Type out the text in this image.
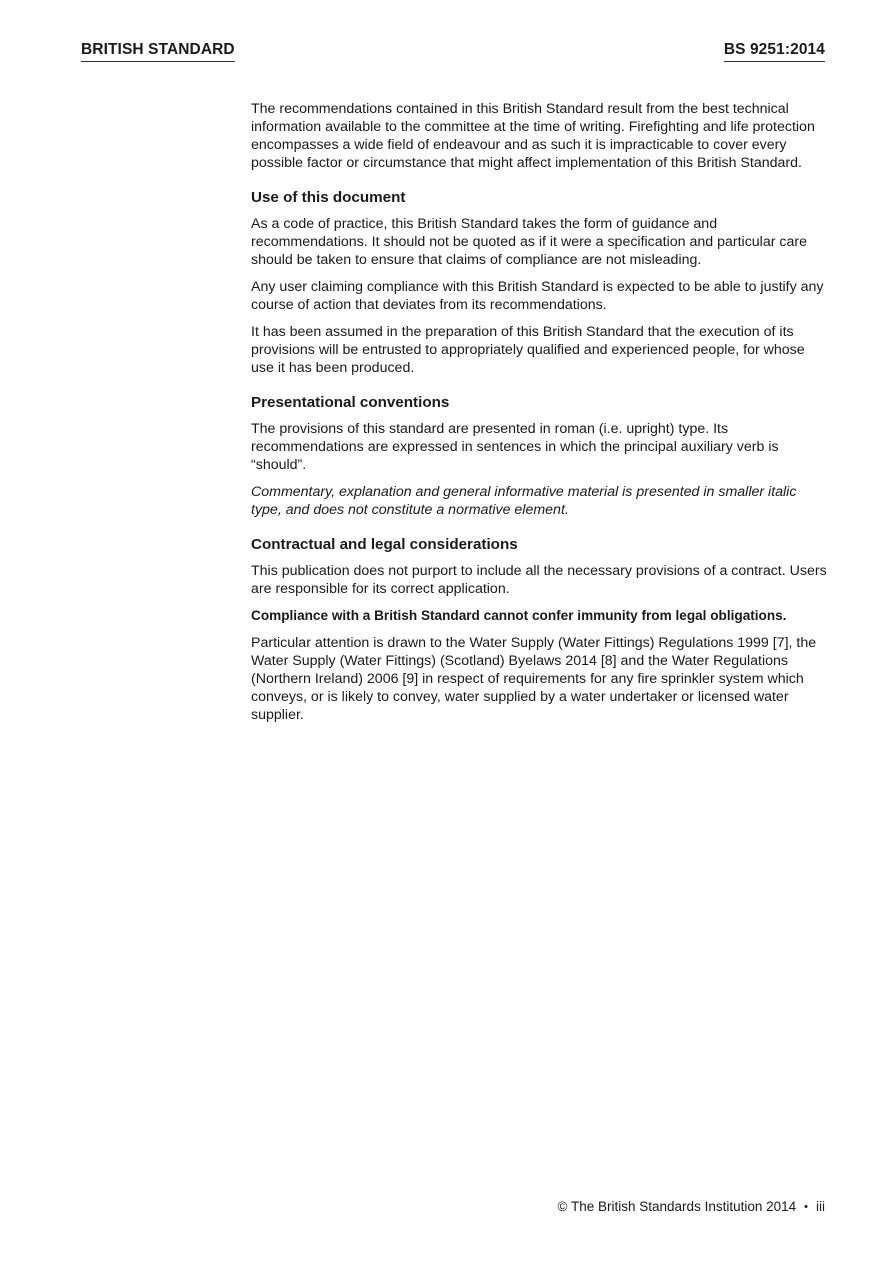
BRITISH STANDARD	BS 9251:2014

The recommendations contained in this British Standard result from the best technical information available to the committee at the time of writing. Firefighting and life protection encompasses a wide field of endeavour and as such it is impracticable to cover every possible factor or circumstance that might affect implementation of this British Standard.

Use of this document

As a code of practice, this British Standard takes the form of guidance and recommendations. It should not be quoted as if it were a specification and particular care should be taken to ensure that claims of compliance are not misleading.

Any user claiming compliance with this British Standard is expected to be able to justify any course of action that deviates from its recommendations.

It has been assumed in the preparation of this British Standard that the execution of its provisions will be entrusted to appropriately qualified and experienced people, for whose use it has been produced.

Presentational conventions

The provisions of this standard are presented in roman (i.e. upright) type. Its recommendations are expressed in sentences in which the principal auxiliary verb is “should”.

Commentary, explanation and general informative material is presented in smaller italic type, and does not constitute a normative element.

Contractual and legal considerations

This publication does not purport to include all the necessary provisions of a contract. Users are responsible for its correct application.

Compliance with a British Standard cannot confer immunity from legal obligations.

Particular attention is drawn to the Water Supply (Water Fittings) Regulations 1999 [7], the Water Supply (Water Fittings) (Scotland) Byelaws 2014 [8] and the Water Regulations (Northern Ireland) 2006 [9] in respect of requirements for any fire sprinkler system which conveys, or is likely to convey, water supplied by a water undertaker or licensed water supplier.

© The British Standards Institution 2014 • iii
